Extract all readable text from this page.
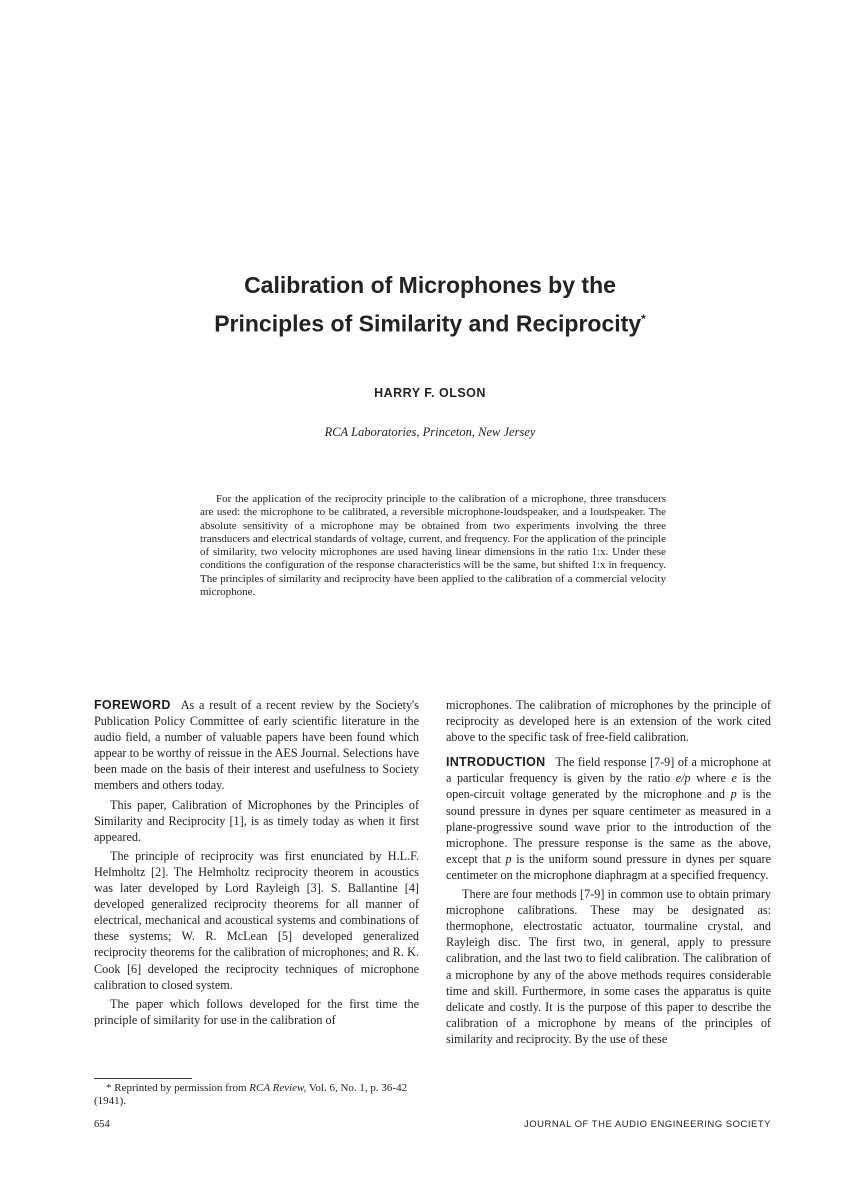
Calibration of Microphones by the
Principles of Similarity and Reciprocity*
HARRY F. OLSON
RCA Laboratories, Princeton, New Jersey

For the application of the reciprocity principle to the calibration of a microphone, three transducers are used: the microphone to be calibrated, a reversible microphone-loudspeaker, and a loudspeaker. The absolute sensitivity of a microphone may be obtained from two experiments involving the three transducers and electrical standards of voltage, current, and frequency. For the application of the principle of similarity, two velocity microphones are used having linear dimensions in the ratio 1:x. Under these conditions the configuration of the response characteristics will be the same, but shifted 1:x in frequency. The principles of similarity and reciprocity have been applied to the calibration of a commercial velocity microphone.

FOREWORD As a result of a recent review by the Society's Publication Policy Committee of early scientific literature in the audio field, a number of valuable papers have been found which appear to be worthy of reissue in the AES Journal. Selections have been made on the basis of their interest and usefulness to Society members and others today.

This paper, Calibration of Microphones by the Principles of Similarity and Reciprocity [1], is as timely today as when it first appeared.

The principle of reciprocity was first enunciated by H.L.F. Helmholtz [2]. The Helmholtz reciprocity theorem in acoustics was later developed by Lord Rayleigh [3]. S. Ballantine [4] developed generalized reciprocity theorems for all manner of electrical, mechanical and acoustical systems and combinations of these systems; W. R. McLean [5] developed generalized reciprocity theorems for the calibration of microphones; and R. K. Cook [6] developed the reciprocity techniques of microphone calibration to closed system.

The paper which follows developed for the first time the principle of similarity for use in the calibration of

microphones. The calibration of microphones by the principle of reciprocity as developed here is an extension of the work cited above to the specific task of free-field calibration.

INTRODUCTION The field response [7-9] of a microphone at a particular frequency is given by the ratio e/p where e is the open-circuit voltage generated by the microphone and p is the sound pressure in dynes per square centimeter as measured in a plane-progressive sound wave prior to the introduction of the microphone. The pressure response is the same as the above, except that p is the uniform sound pressure in dynes per square centimeter on the microphone diaphragm at a specified frequency.

There are four methods [7-9] in common use to obtain primary microphone calibrations. These may be designated as: thermophone, electrostatic actuator, tourmaline crystal, and Rayleigh disc. The first two, in general, apply to pressure calibration, and the last two to field calibration. The calibration of a microphone by any of the above methods requires considerable time and skill. Furthermore, in some cases the apparatus is quite delicate and costly. It is the purpose of this paper to describe the calibration of a microphone by means of the principles of similarity and reciprocity. By the use of these

* Reprinted by permission from RCA Review, Vol. 6, No. 1, p. 36-42 (1941).
654	JOURNAL OF THE AUDIO ENGINEERING SOCIETY
